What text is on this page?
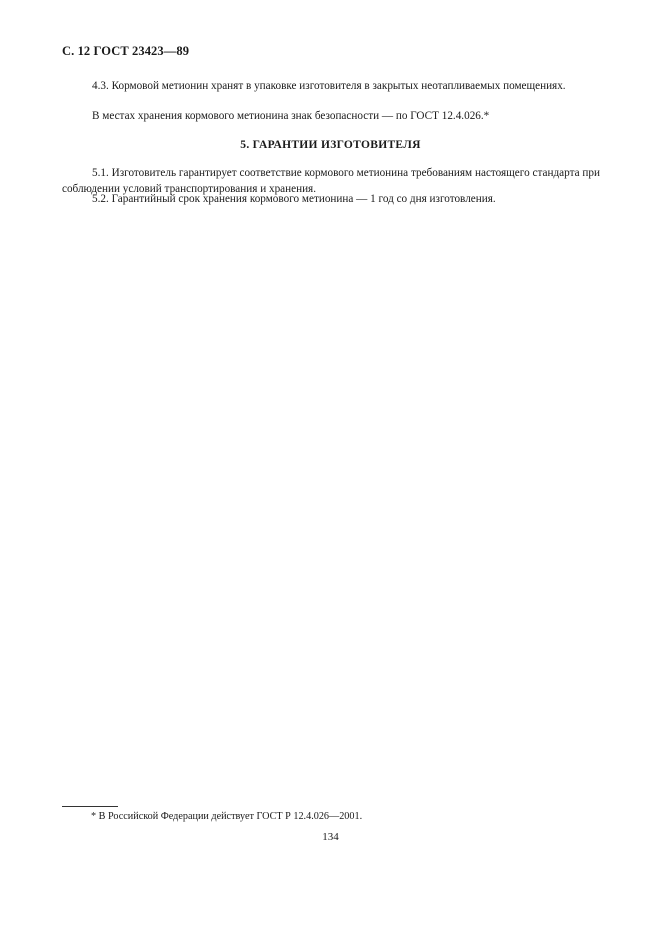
С. 12 ГОСТ 23423—89

4.3. Кормовой метионин хранят в упаковке изготовителя в закрытых неотапливаемых помещениях.

В местах хранения кормового метионина знак безопасности — по ГОСТ 12.4.026.*

5. ГАРАНТИИ ИЗГОТОВИТЕЛЯ

5.1. Изготовитель гарантирует соответствие кормового метионина требованиям настоящего стандарта при соблюдении условий транспортирования и хранения.

5.2. Гарантийный срок хранения кормового метионина — 1 год со дня изготовления.

* В Российской Федерации действует ГОСТ Р 12.4.026—2001.
134
